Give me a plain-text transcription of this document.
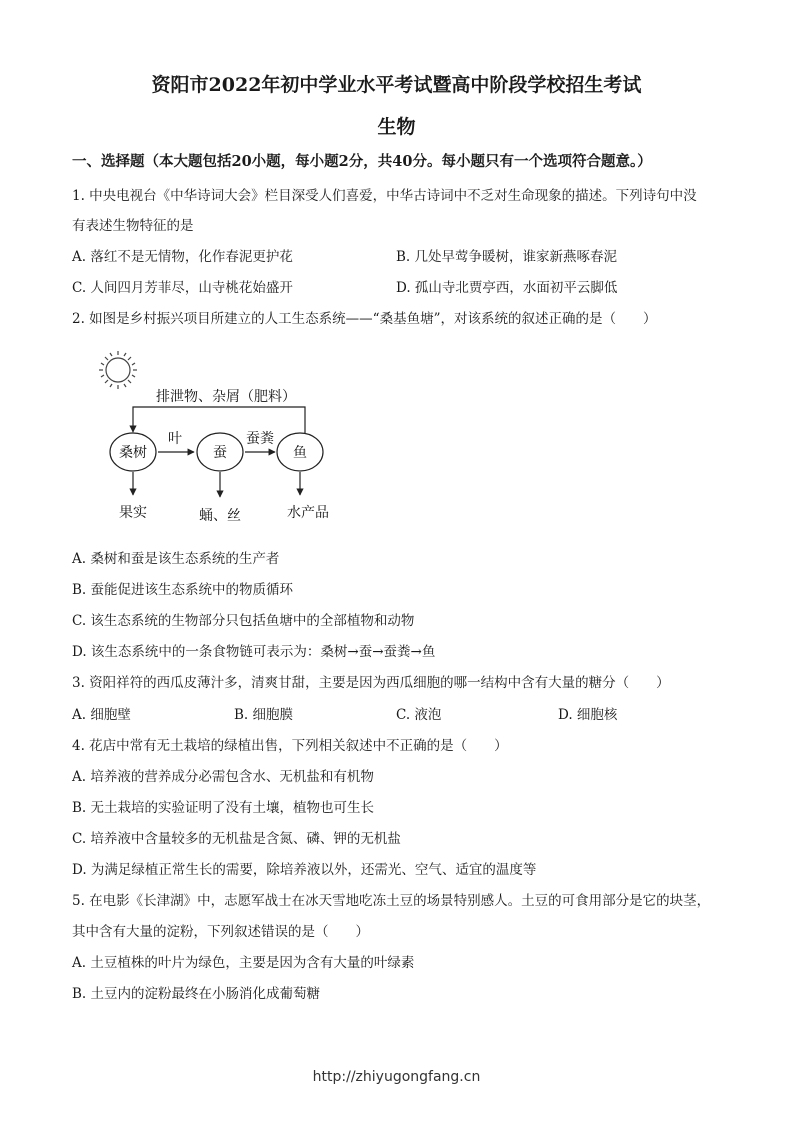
资阳市2022年初中学业水平考试暨高中阶段学校招生考试
生物
一、选择题（本大题包括20小题，每小题2分，共40分。每小题只有一个选项符合题意。）
1. 中央电视台《中华诗词大会》栏目深受人们喜爱，中华古诗词中不乏对生命现象的描述。下列诗句中没
有表述生物特征的是
A. 落红不是无情物，化作春泥更护花	B. 几处早莺争暖树，谁家新燕啄春泥
C. 人间四月芳菲尽，山寺桃花始盛开	D. 孤山寺北贾亭西，水面初平云脚低
2. 如图是乡村振兴项目所建立的人工生态系统——“桑基鱼塘”，对该系统的叙述正确的是（　　）
排泄物、杂屑（肥料）
桑树	蚕	鱼
叶	蚕粪
果实	蛹、丝	水产品
A. 桑树和蚕是该生态系统的生产者
B. 蚕能促进该生态系统中的物质循环
C. 该生态系统的生物部分只包括鱼塘中的全部植物和动物
D. 该生态系统中的一条食物链可表示为：桑树→蚕→蚕粪→鱼
3. 资阳祥符的西瓜皮薄汁多，清爽甘甜，主要是因为西瓜细胞的哪一结构中含有大量的糖分（　　）
A. 细胞壁	B. 细胞膜	C. 液泡	D. 细胞核
4. 花店中常有无土栽培的绿植出售，下列相关叙述中不正确的是（　　）
A. 培养液的营养成分必需包含水、无机盐和有机物
B. 无土栽培的实验证明了没有土壤，植物也可生长
C. 培养液中含量较多的无机盐是含氮、磷、钾的无机盐
D. 为满足绿植正常生长的需要，除培养液以外，还需光、空气、适宜的温度等
5. 在电影《长津湖》中，志愿军战士在冰天雪地吃冻土豆的场景特别感人。土豆的可食用部分是它的块茎，
其中含有大量的淀粉，下列叙述错误的是（　　）
A. 土豆植株的叶片为绿色，主要是因为含有大量的叶绿素
B. 土豆内的淀粉最终在小肠消化成葡萄糖
http://zhiyugongfang.cn
